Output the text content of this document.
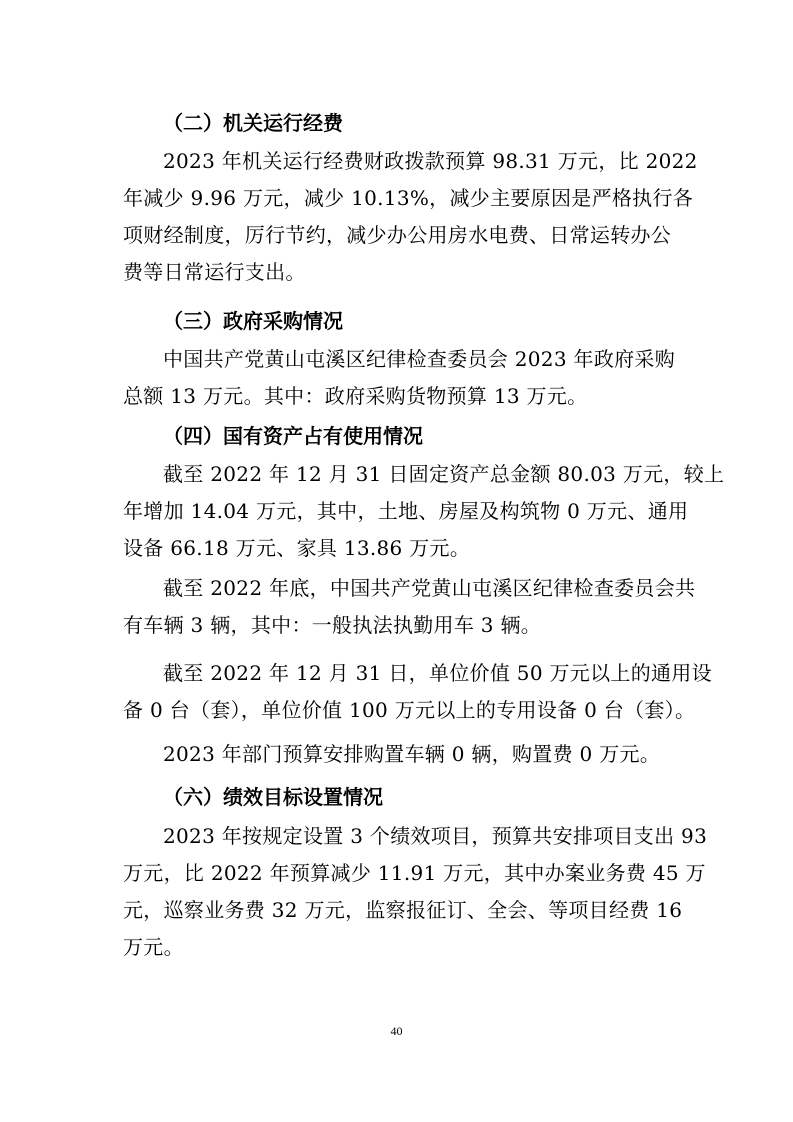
（二）机关运行经费
2023 年机关运行经费财政拨款预算 98.31 万元，比 2022
年减少 9.96 万元，减少 10.13%，减少主要原因是严格执行各
项财经制度，厉行节约，减少办公用房水电费、日常运转办公
费等日常运行支出。
（三）政府采购情况
中国共产党黄山屯溪区纪律检查委员会 2023 年政府采购
总额 13 万元。其中：政府采购货物预算 13 万元。
（四）国有资产占有使用情况
截至 2022 年 12 月 31 日固定资产总金额 80.03 万元，较上
年增加 14.04 万元，其中，土地、房屋及构筑物 0 万元、通用
设备 66.18 万元、家具 13.86 万元。
截至 2022 年底，中国共产党黄山屯溪区纪律检查委员会共
有车辆 3 辆，其中：一般执法执勤用车 3 辆。
截至 2022 年 12 月 31 日，单位价值 50 万元以上的通用设
备 0 台（套），单位价值 100 万元以上的专用设备 0 台（套）。
2023 年部门预算安排购置车辆 0 辆，购置费 0 万元。
（六）绩效目标设置情况
2023 年按规定设置 3 个绩效项目，预算共安排项目支出 93
万元，比 2022 年预算减少 11.91 万元，其中办案业务费 45 万
元，巡察业务费 32 万元，监察报征订、全会、等项目经费 16
万元。
40
